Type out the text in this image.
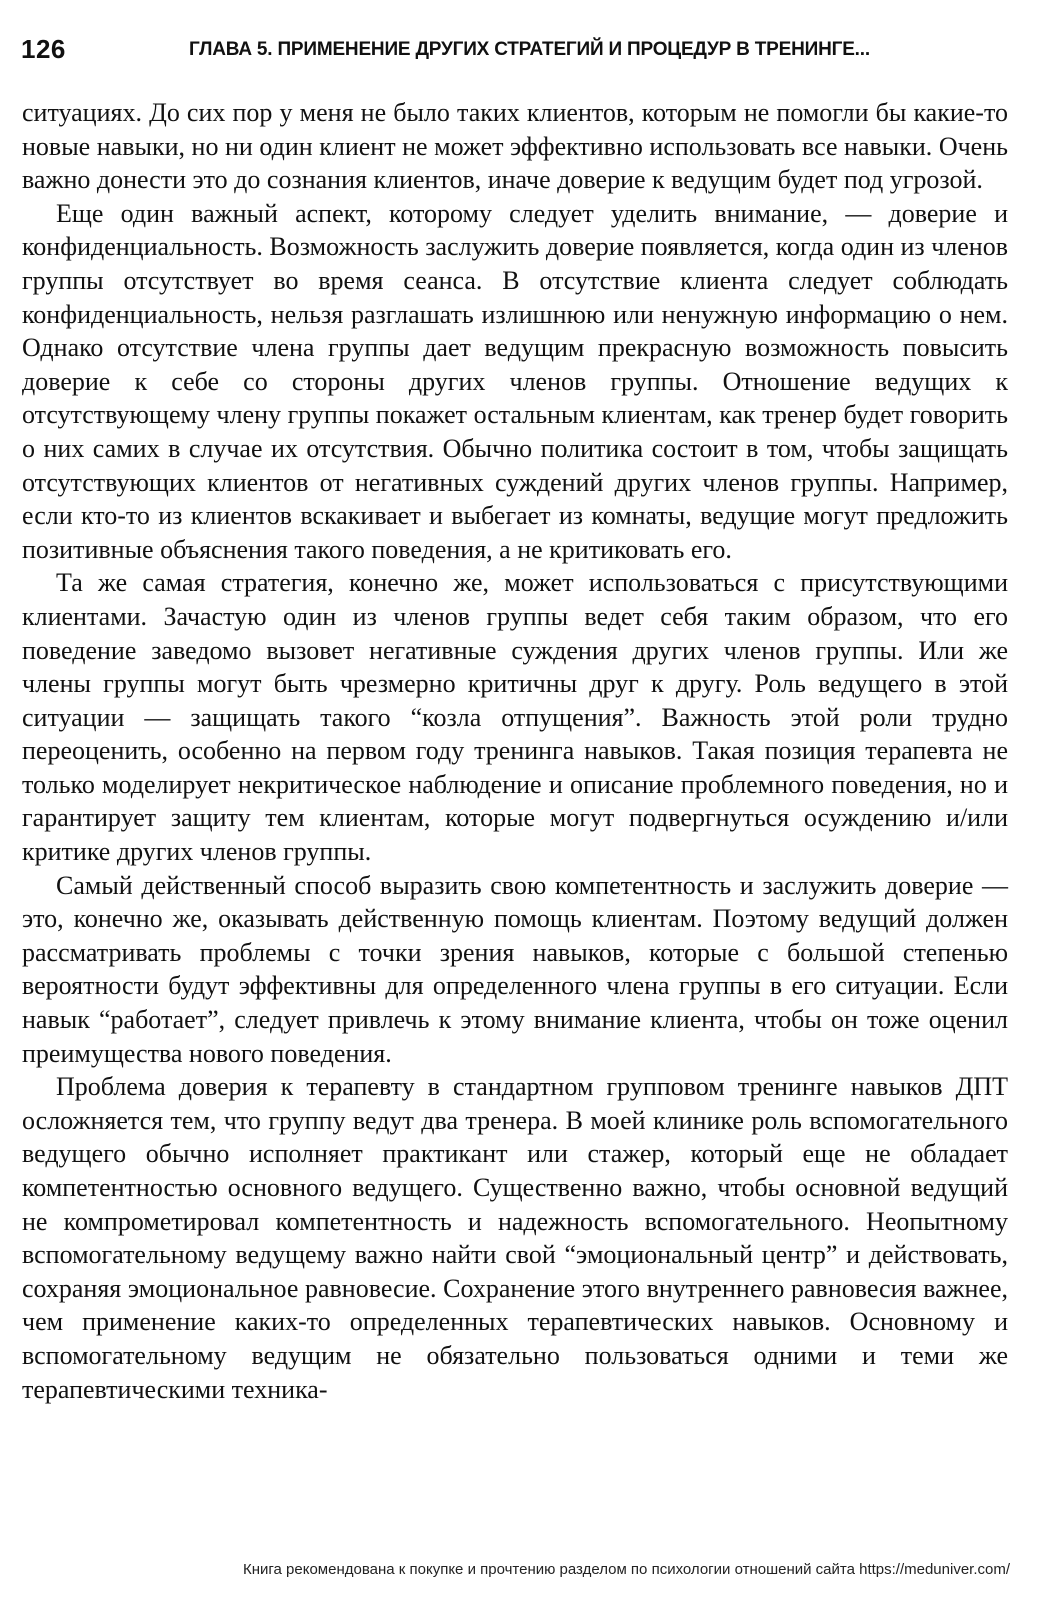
126	ГЛАВА 5. ПРИМЕНЕНИЕ ДРУГИХ СТРАТЕГИЙ И ПРОЦЕДУР В ТРЕНИНГЕ...

ситуациях. До сих пор у меня не было таких клиентов, которым не помогли бы какие-то новые навыки, но ни один клиент не может эффективно использовать все навыки. Очень важно донести это до сознания клиентов, иначе доверие к ведущим будет под угрозой.

Еще один важный аспект, которому следует уделить внимание, — доверие и конфиденциальность. Возможность заслужить доверие появляется, когда один из членов группы отсутствует во время сеанса. В отсутствие клиента следует соблюдать конфиденциальность, нельзя разглашать излишнюю или ненужную информацию о нем. Однако отсутствие члена группы дает ведущим прекрасную возможность повысить доверие к себе со стороны других членов группы. Отношение ведущих к отсутствующему члену группы покажет остальным клиентам, как тренер будет говорить о них самих в случае их отсутствия. Обычно политика состоит в том, чтобы защищать отсутствующих клиентов от негативных суждений других членов группы. Например, если кто-то из клиентов вскакивает и выбегает из комнаты, ведущие могут предложить позитивные объяснения такого поведения, а не критиковать его.

Та же самая стратегия, конечно же, может использоваться с присутствующими клиентами. Зачастую один из членов группы ведет себя таким образом, что его поведение заведомо вызовет негативные суждения других членов группы. Или же члены группы могут быть чрезмерно критичны друг к другу. Роль ведущего в этой ситуации — защищать такого “козла отпущения”. Важность этой роли трудно переоценить, особенно на первом году тренинга навыков. Такая позиция терапевта не только моделирует некритическое наблюдение и описание проблемного поведения, но и гарантирует защиту тем клиентам, которые могут подвергнуться осуждению и/или критике других членов группы.

Самый действенный способ выразить свою компетентность и заслужить доверие — это, конечно же, оказывать действенную помощь клиентам. Поэтому ведущий должен рассматривать проблемы с точки зрения навыков, которые с большой степенью вероятности будут эффективны для определенного члена группы в его ситуации. Если навык “работает”, следует привлечь к этому внимание клиента, чтобы он тоже оценил преимущества нового поведения.

Проблема доверия к терапевту в стандартном групповом тренинге навыков ДПТ осложняется тем, что группу ведут два тренера. В моей клинике роль вспомогательного ведущего обычно исполняет практикант или стажер, который еще не обладает компетентностью основного ведущего. Существенно важно, чтобы основной ведущий не компрометировал компетентность и надежность вспомогательного. Неопытному вспомогательному ведущему важно найти свой “эмоциональный центр” и действовать, сохраняя эмоциональное равновесие. Сохранение этого внутреннего равновесия важнее, чем применение каких-то определенных терапевтических навыков. Основному и вспомогательному ведущим не обязательно пользоваться одними и теми же терапевтическими техника-

Книга рекомендована к покупке и прочтению разделом по психологии отношений сайта https://meduniver.com/
